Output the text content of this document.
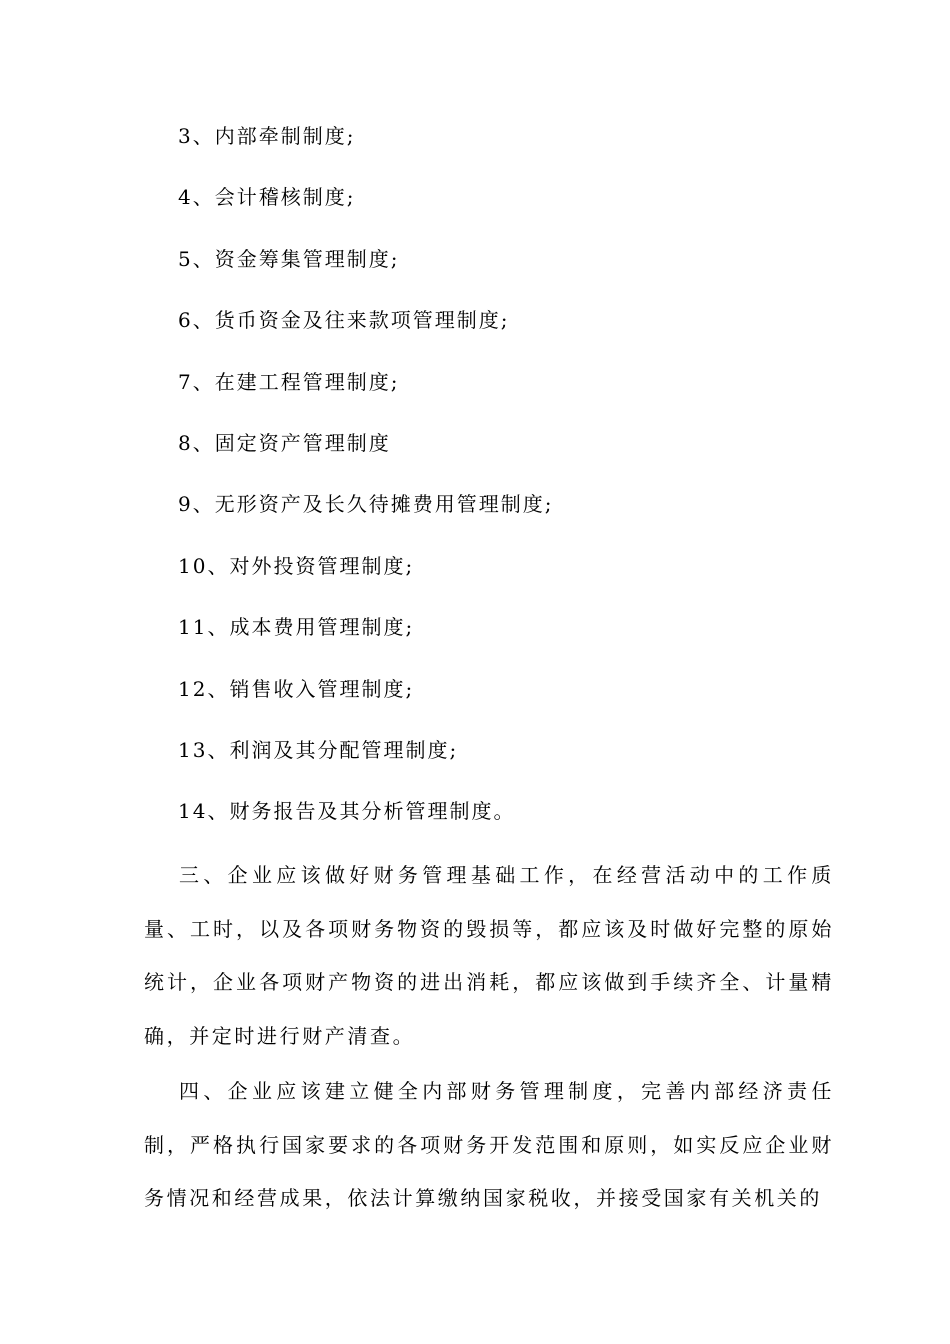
3、内部牵制制度;
4、会计稽核制度;
5、资金筹集管理制度;
6、货币资金及往来款项管理制度;
7、在建工程管理制度;
8、固定资产管理制度
9、无形资产及长久待摊费用管理制度;
10、对外投资管理制度;
11、成本费用管理制度;
12、销售收入管理制度;
13、利润及其分配管理制度;
14、财务报告及其分析管理制度。

三、企业应该做好财务管理基础工作，在经营活动中的工作质量、工时，以及各项财务物资的毁损等，都应该及时做好完整的原始统计，企业各项财产物资的进出消耗，都应该做到手续齐全、计量精确，并定时进行财产清查。

四、企业应该建立健全内部财务管理制度，完善内部经济责任制，严格执行国家要求的各项财务开发范围和原则，如实反应企业财务情况和经营成果，依法计算缴纳国家税收，并接受国家有关机关的
